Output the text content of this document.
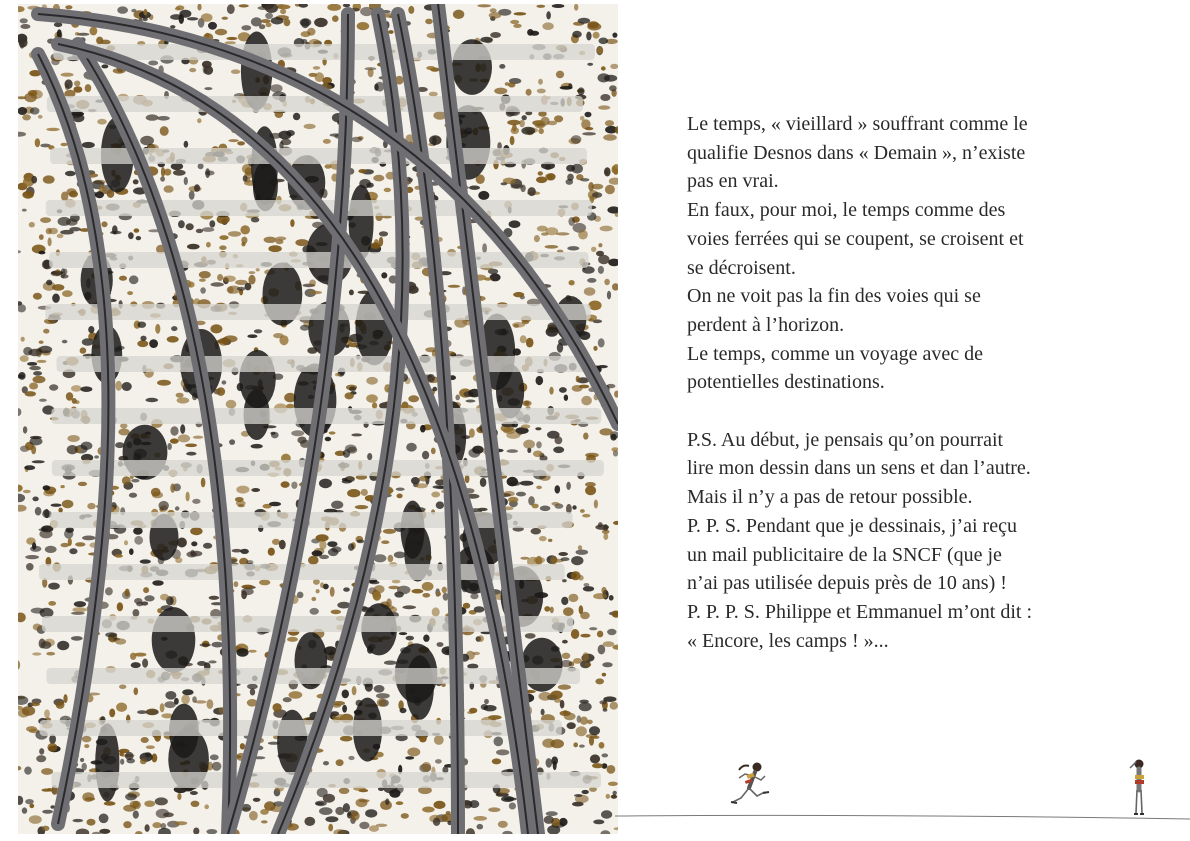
Le temps, « vieillard » souffrant comme le
qualifie Desnos dans « Demain », n’existe
pas en vrai.
En faux, pour moi, le temps comme des
voies ferrées qui se coupent, se croisent et
se décroisent.
On ne voit pas la fin des voies qui se
perdent à l’horizon.
Le temps, comme un voyage avec de
potentielles destinations.
P.S. Au début, je pensais qu’on pourrait
lire mon dessin dans un sens et dan l’autre.
Mais il n’y a pas de retour possible.
P. P. S. Pendant que je dessinais, j’ai reçu
un mail publicitaire de la SNCF (que je
n’ai pas utilisée depuis près de 10 ans) !
P. P. P. S. Philippe et Emmanuel m’ont dit :
« Encore, les camps ! »...
